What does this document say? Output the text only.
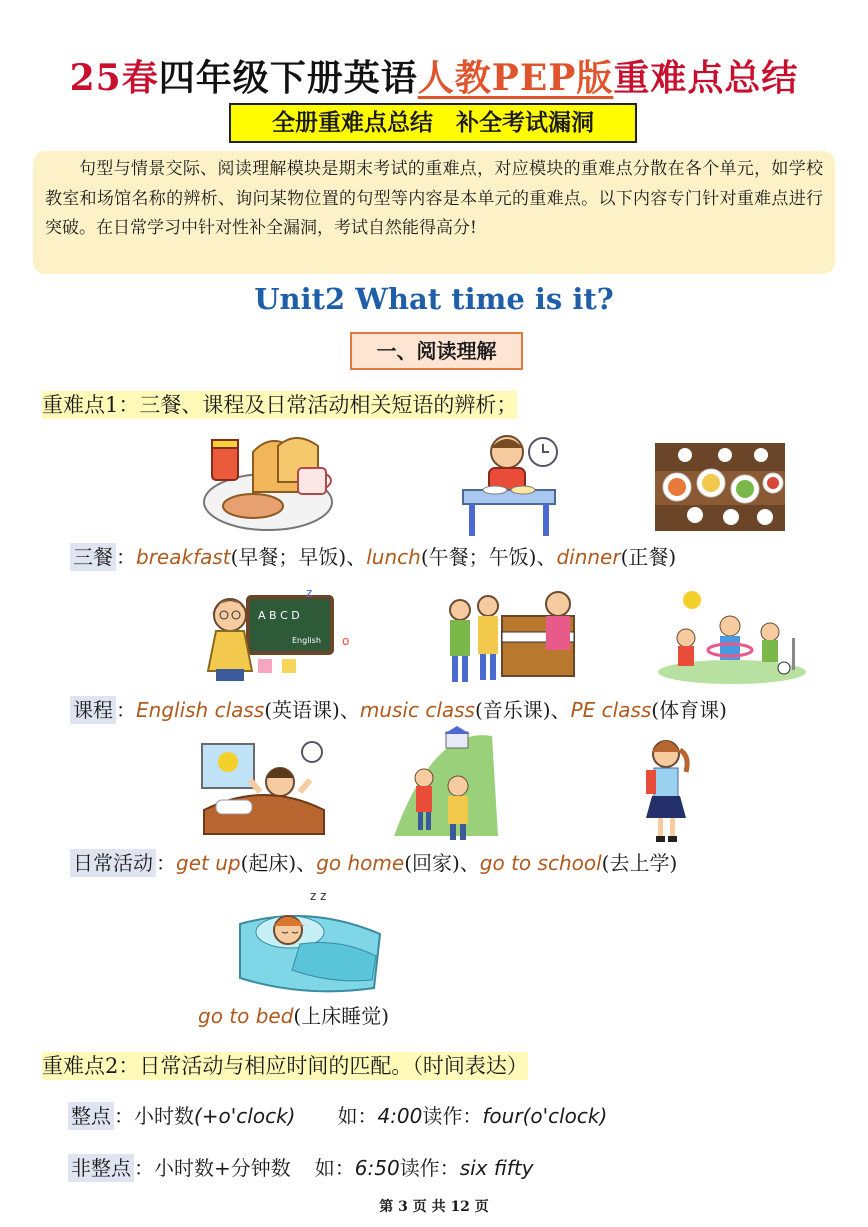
25春四年级下册英语人教PEP版重难点总结
全册重难点总结　补全考试漏洞
句型与情景交际、阅读理解模块是期末考试的重难点，对应模块的重难点分散在各个单元，如学校教室和场馆名称的辨析、询问某物位置的句型等内容是本单元的重难点。以下内容专门针对重难点进行突破。在日常学习中针对性补全漏洞，考试自然能得高分!
Unit2 What time is it?
一、阅读理解
重难点1：三餐、课程及日常活动相关短语的辨析；
三餐 ：breakfast(早餐；早饭)、lunch(午餐；午饭)、dinner(正餐)
A B C D
English o
z
课程 ：English class(英语课)、music class(音乐课)、PE class(体育课)
日常活动 ：get up(起床)、go home(回家)、go to school(去上学)
z z
go to bed(上床睡觉)
重难点2：日常活动与相应时间的匹配。（时间表达）
整点 ：小时数(+o'clock) 如：4:00读作：four(o'clock)
非整点 ：小时数+分钟数 如：6:50读作：six fifty
第 3 页 共 12 页
